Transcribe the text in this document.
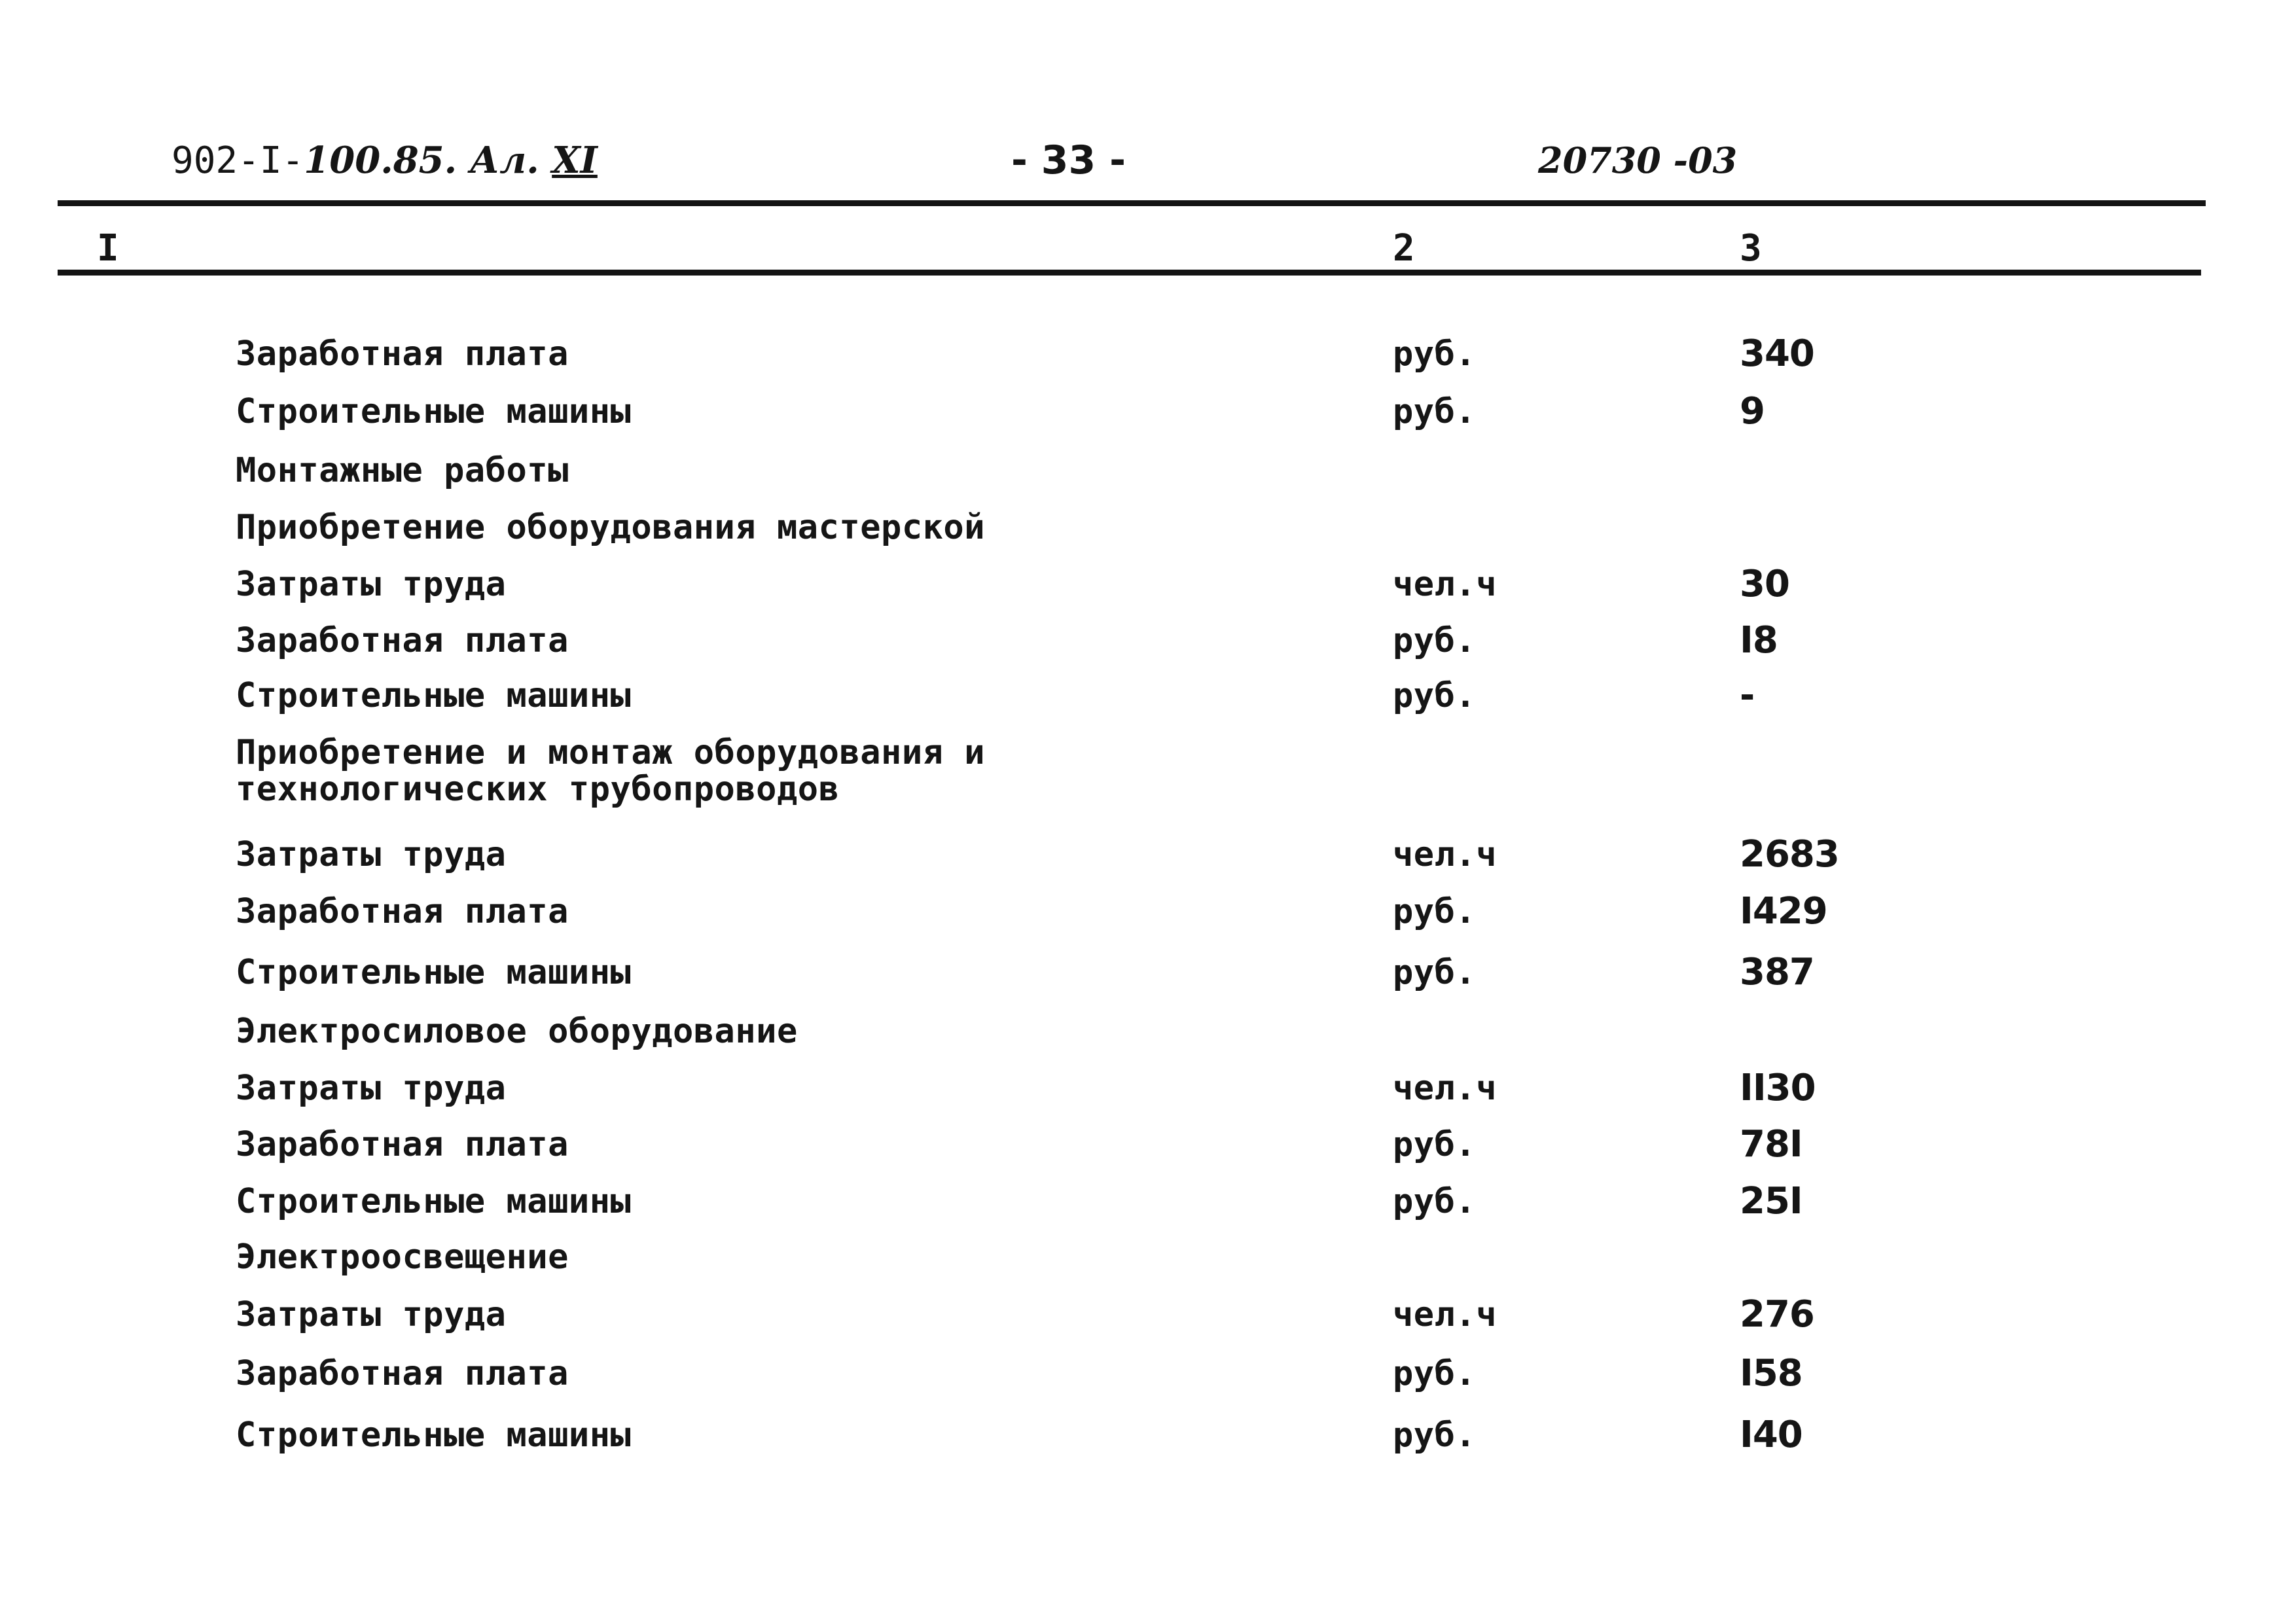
902-I-100.85. Ал. XI	- 33 -	20730 -03
I	2	3
Заработная плата	руб.	340
Строительные машины	руб.	9
Монтажные работы
Приобретение оборудования мастерской
Затраты труда	чел.ч	30
Заработная плата	руб.	I8
Строительные машины	руб.	-
Приобретение и монтаж оборудования и
технологических трубопроводов
Затраты труда	чел.ч	2683
Заработная плата	руб.	I429
Строительные машины	руб.	387
Электросиловое оборудование
Затраты труда	чел.ч	II30
Заработная плата	руб.	78I
Строительные машины	руб.	25I
Электроосвещение
Затраты труда	чел.ч	276
Заработная плата	руб.	I58
Строительные машины	руб.	I40
